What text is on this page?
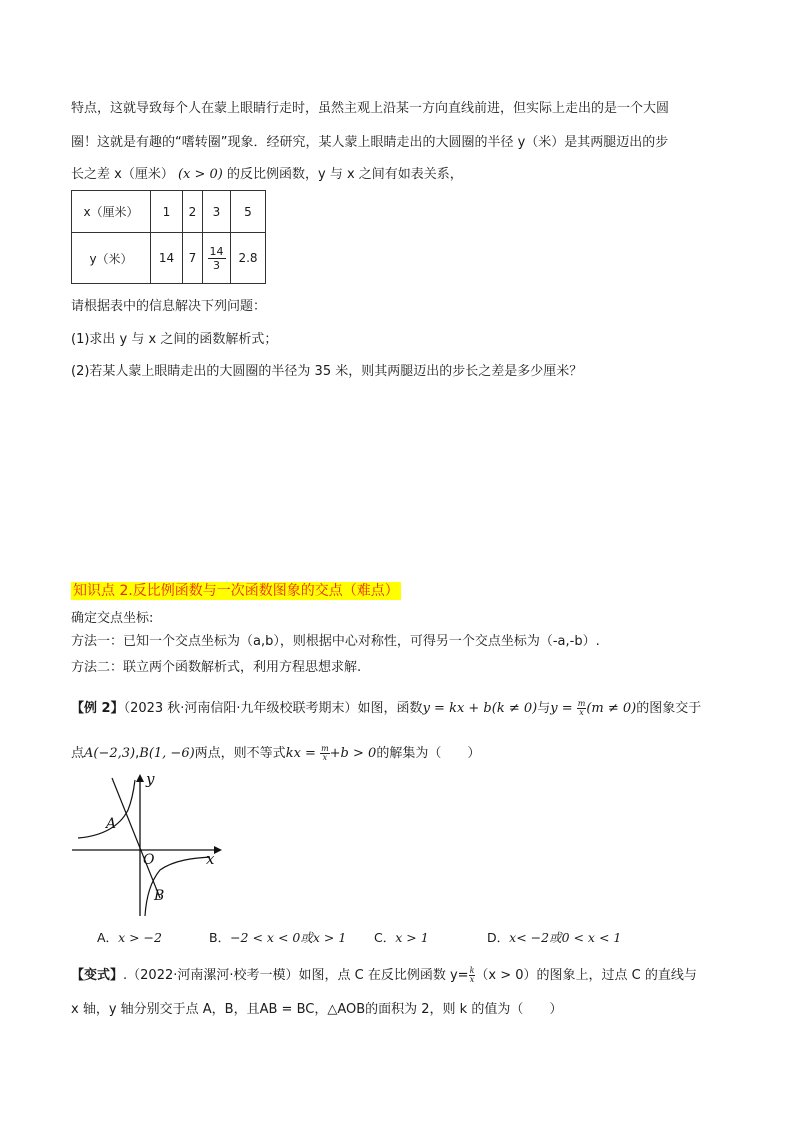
特点，这就导致每个人在蒙上眼睛行走时，虽然主观上沿某一方向直线前进，但实际上走出的是一个大圆
圈！这就是有趣的“嗜转圈”现象．经研究，某人蒙上眼睛走出的大圆圈的半径 y（米）是其两腿迈出的步
长之差 x（厘米） (x > 0) 的反比例函数，y 与 x 之间有如表关系，
x（厘米）	1	2	3	5
y（米）	14	7	$\frac{14}{3}$	2.8
请根据表中的信息解决下列问题：
(1)求出 y 与 x 之间的函数解析式；
(2)若某人蒙上眼睛走出的大圆圈的半径为 35 米，则其两腿迈出的步长之差是多少厘米？
知识点 2.反比例函数与一次函数图象的交点（难点）
确定交点坐标:
方法一：已知一个交点坐标为（a,b），则根据中心对称性，可得另一个交点坐标为（-a,-b）.
方法二：联立两个函数解析式，利用方程思想求解.
【例 2】（2023 秋·河南信阳·九年级校联考期末）如图，函数y = kx + b(k ≠ 0)与$y = \frac{m}{x} (m \ne 0)$的图象交于
点A(−2,3),B(1, −6)两点，则不等式kx = $\frac{m}{x} +b > 0$的解集为（　　）
y
x
O
A
B
A．x > −2	B．−2 < x < 0或x > 1 C．x > 1	D．x< −2或0 < x < 1
【变式】.（2022·河南漯河·校考一模）如图，点 C 在反比例函数 $y= \frac{k}{x} (x > 0)$的图象上，过点 C 的直线与
x 轴，y 轴分别交于点 A，B，且AB = BC，△AOB的面积为 2，则 k 的值为（　　）
